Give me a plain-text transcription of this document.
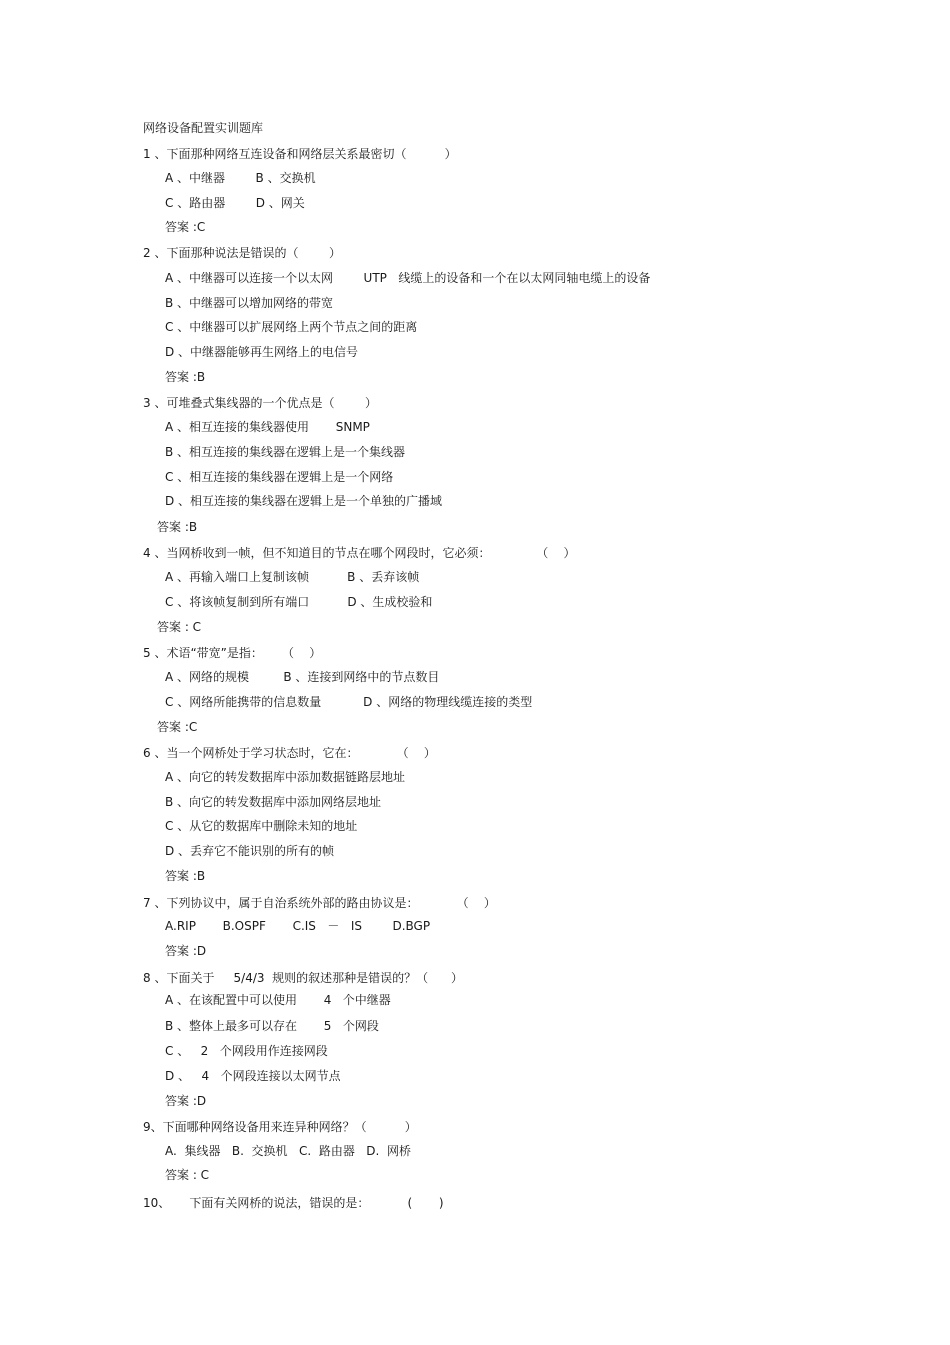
网络设备配置实训题库
1 、下面那种网络互连设备和网络层关系最密切（          ）
A 、中继器        B 、交换机
C 、路由器        D 、网关
答案 :C
2 、下面那种说法是错误的（        ）
A 、中继器可以连接一个以太网        UTP   线缆上的设备和一个在以太网同轴电缆上的设备
B 、中继器可以增加网络的带宽
C 、中继器可以扩展网络上两个节点之间的距离
D 、中继器能够再生网络上的电信号
答案 :B
3 、可堆叠式集线器的一个优点是（        ）
A 、相互连接的集线器使用       SNMP
B 、相互连接的集线器在逻辑上是一个集线器
C 、相互连接的集线器在逻辑上是一个网络
D 、相互连接的集线器在逻辑上是一个单独的广播域
答案 :B
4 、当网桥收到一帧，但不知道目的节点在哪个网段时，它必须：            （    ）
A 、再输入端口上复制该帧          B 、丢弃该帧
C 、将该帧复制到所有端口          D 、生成校验和
答案 : C
5 、术语“带宽”是指：     （    ）
A 、网络的规模         B 、连接到网络中的节点数目
C 、网络所能携带的信息数量           D 、网络的物理线缆连接的类型
答案 :C
6 、当一个网桥处于学习状态时，它在：          （    ）
A 、向它的转发数据库中添加数据链路层地址
B 、向它的转发数据库中添加网络层地址
C 、从它的数据库中删除未知的地址
D 、丢弃它不能识别的所有的帧
答案 :B
7 、下列协议中，属于自治系统外部的路由协议是：          （    ）
A.RIP       B.OSPF       C.IS   －   IS        D.BGP
答案 :D
8 、下面关于     5/4/3  规则的叙述那种是错误的？（      ）
A 、在该配置中可以使用       4   个中继器
B 、整体上最多可以存在       5   个网段
C 、   2   个网段用作连接网段
D 、   4   个网段连接以太网节点
答案 :D
9、下面哪种网络设备用来连异种网络？（          ）
A.  集线器   B.  交换机   C.  路由器   D.  网桥
答案 : C
10、     下面有关网桥的说法，错误的是：          (       )
